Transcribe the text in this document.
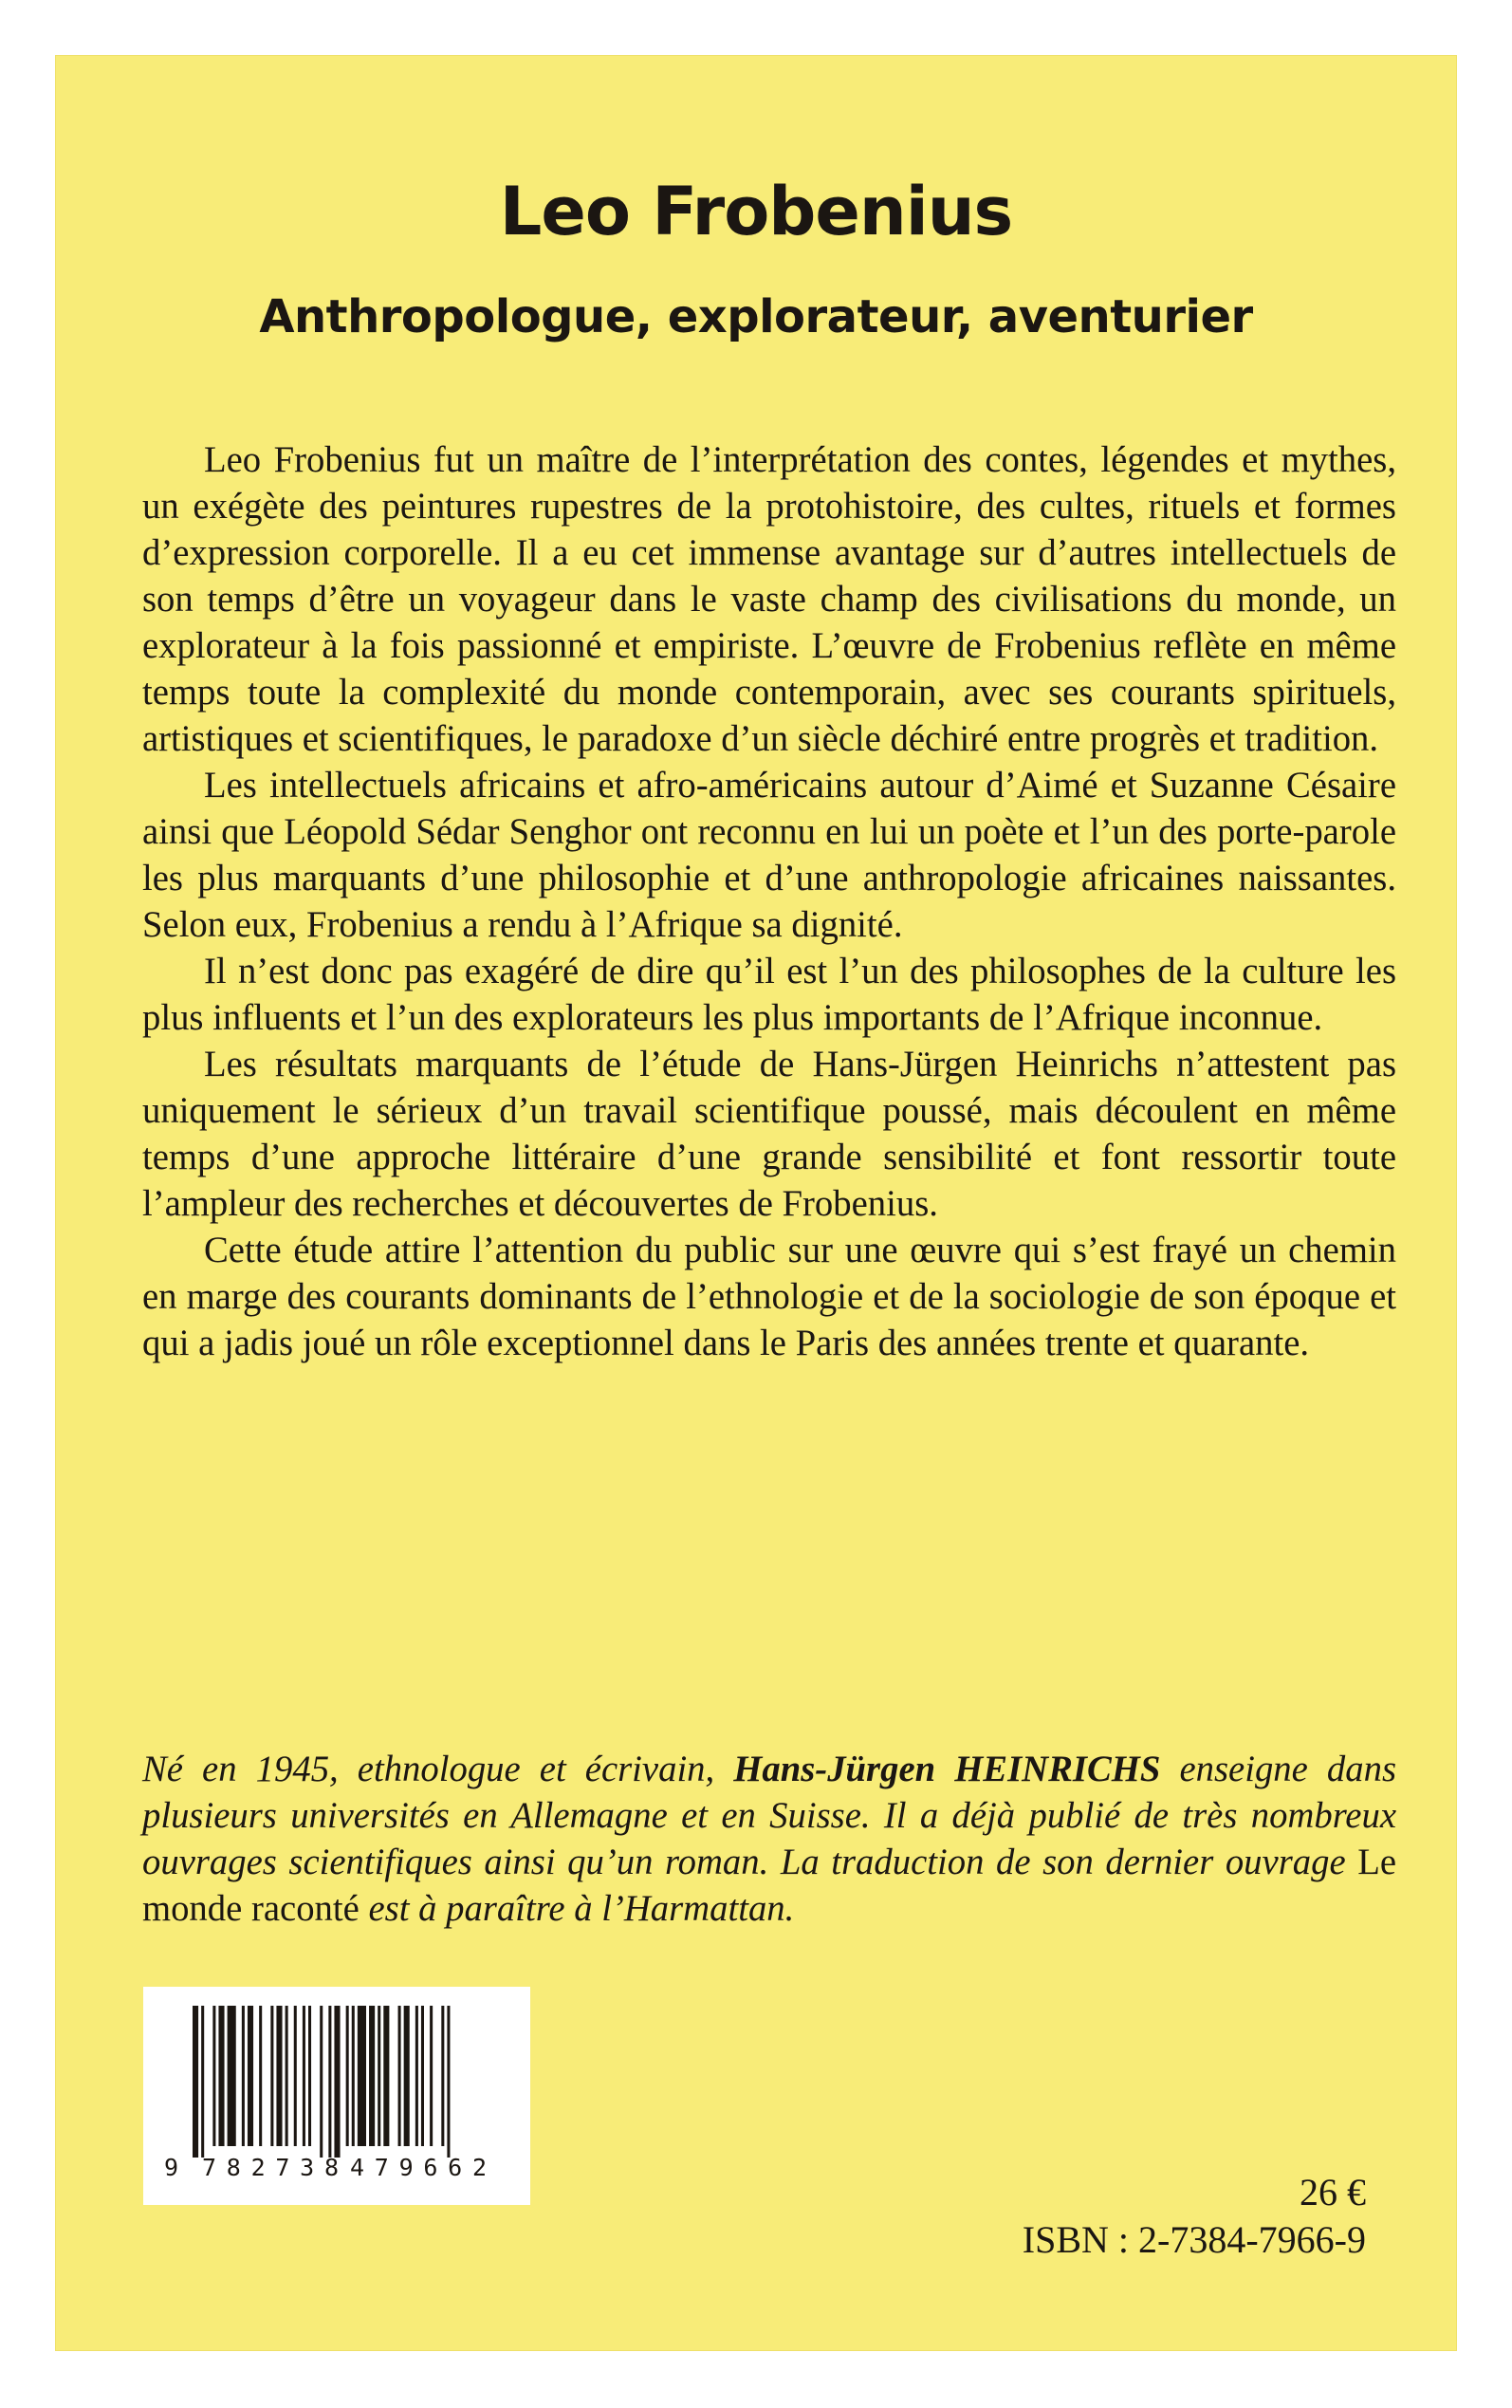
Leo Frobenius
Anthropologue, explorateur, aventurier

Leo Frobenius fut un maître de l’interprétation des contes, légendes et mythes, un exégète des peintures rupestres de la protohistoire, des cultes, rituels et formes d’expression corporelle. Il a eu cet immense avantage sur d’autres intellectuels de son temps d’être un voyageur dans le vaste champ des civilisations du monde, un explorateur à la fois passionné et empiriste. L’œuvre de Frobenius reflète en même temps toute la complexité du monde contemporain, avec ses courants spirituels, artistiques et scientifiques, le paradoxe d’un siècle déchiré entre progrès et tradition.

Les intellectuels africains et afro-américains autour d’Aimé et Suzanne Césaire ainsi que Léopold Sédar Senghor ont reconnu en lui un poète et l’un des porte-parole les plus marquants d’une philosophie et d’une anthropologie africaines naissantes. Selon eux, Frobenius a rendu à l’Afrique sa dignité.

Il n’est donc pas exagéré de dire qu’il est l’un des philosophes de la culture les plus influents et l’un des explorateurs les plus importants de l’Afrique inconnue.

Les résultats marquants de l’étude de Hans-Jürgen Heinrichs n’attestent pas uniquement le sérieux d’un travail scientifique poussé, mais découlent en même temps d’une approche littéraire d’une grande sensibilité et font ressortir toute l’ampleur des recherches et découvertes de Frobenius.

Cette étude attire l’attention du public sur une œuvre qui s’est frayé un chemin en marge des courants dominants de l’ethnologie et de la sociologie de son époque et qui a jadis joué un rôle exceptionnel dans le Paris des années trente et quarante.

Né en 1945, ethnologue et écrivain, Hans-Jürgen HEINRICHS enseigne dans plusieurs universités en Allemagne et en Suisse. Il a déjà publié de très nombreux ouvrages scientifiques ainsi qu’un roman. La traduction de son dernier ouvrage Le monde raconté est à paraître à l’Harmattan.
9 782738 479662
26 €
ISBN : 2-7384-7966-9
